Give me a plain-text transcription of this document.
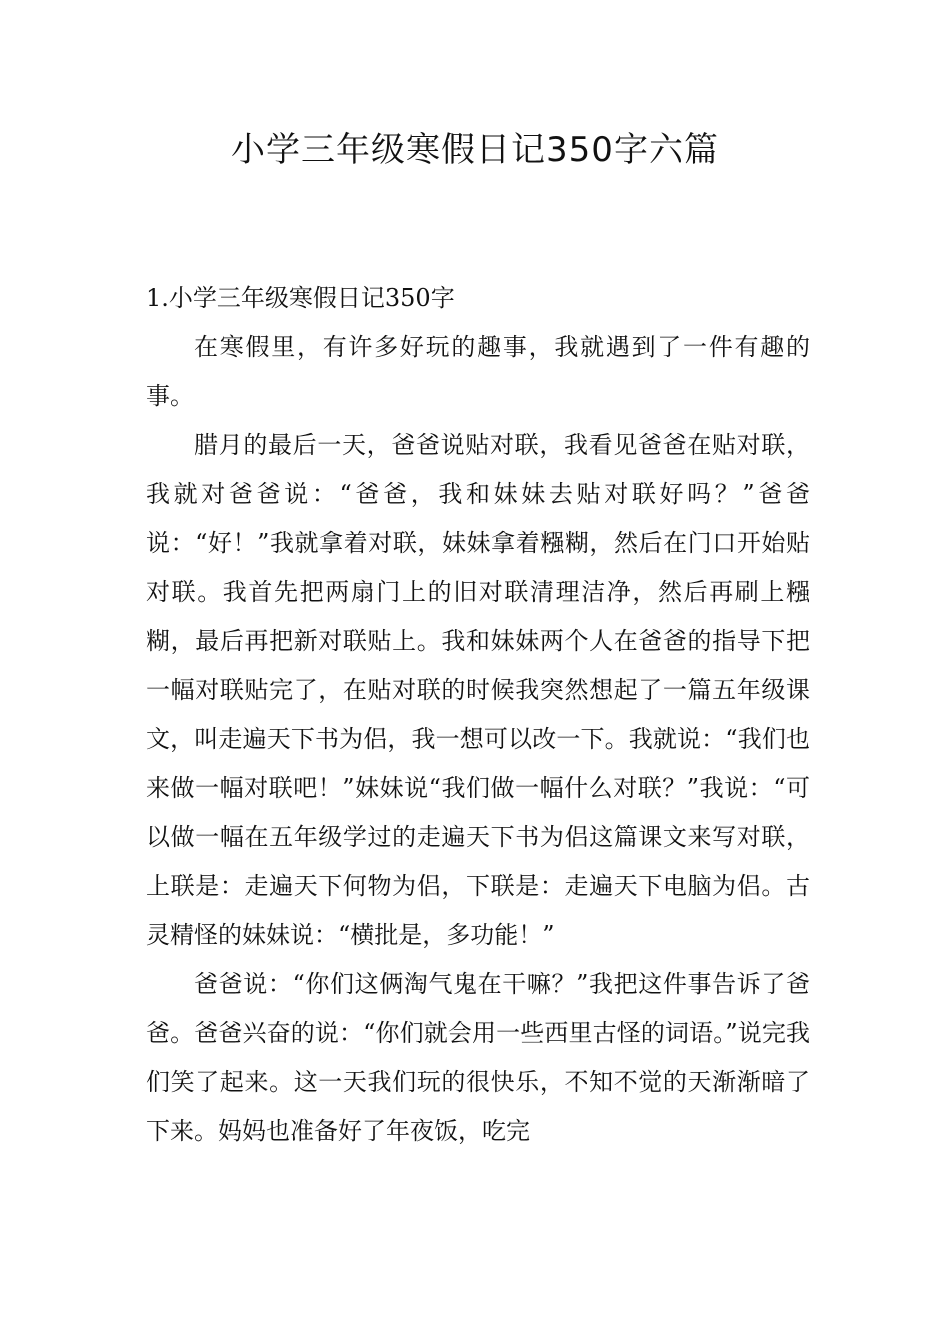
小学三年级寒假日记350字六篇
1.小学三年级寒假日记350字

在寒假里，有许多好玩的趣事，我就遇到了一件有趣的事。

腊月的最后一天，爸爸说贴对联，我看见爸爸在贴对联，我就对爸爸说：“爸爸，我和妹妹去贴对联好吗？”爸爸说：“好！”我就拿着对联，妹妹拿着糨糊，然后在门口开始贴对联。我首先把两扇门上的旧对联清理洁净，然后再刷上糨糊，最后再把新对联贴上。我和妹妹两个人在爸爸的指导下把一幅对联贴完了，在贴对联的时候我突然想起了一篇五年级课文，叫走遍天下书为侣，我一想可以改一下。我就说：“我们也来做一幅对联吧！”妹妹说“我们做一幅什么对联？”我说：“可以做一幅在五年级学过的走遍天下书为侣这篇课文来写对联，上联是：走遍天下何物为侣，下联是：走遍天下电脑为侣。古灵精怪的妹妹说：“横批是，多功能！”

爸爸说：“你们这俩淘气鬼在干嘛？”我把这件事告诉了爸爸。爸爸兴奋的说：“你们就会用一些西里古怪的词语。”说完我们笑了起来。这一天我们玩的很快乐，不知不觉的天渐渐暗了下来。妈妈也准备好了年夜饭，吃完
